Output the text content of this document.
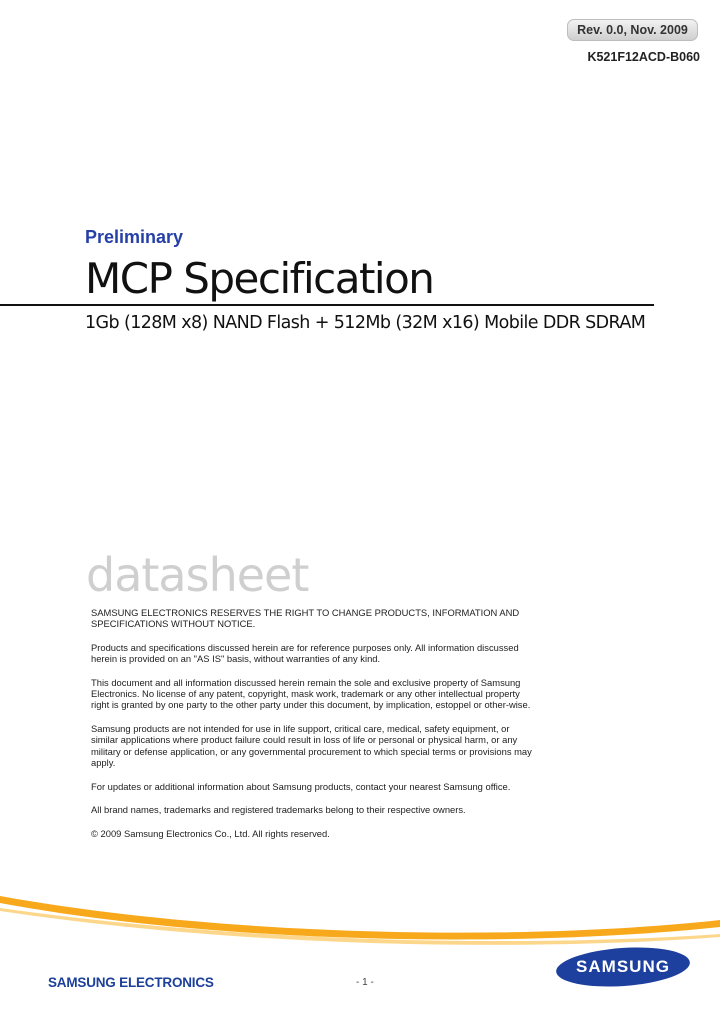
Rev. 0.0, Nov. 2009
K521F12ACD-B060
Preliminary
MCP Specification
1Gb (128M x8) NAND Flash + 512Mb (32M x16) Mobile DDR SDRAM
datasheet

SAMSUNG ELECTRONICS RESERVES THE RIGHT TO CHANGE PRODUCTS, INFORMATION AND SPECIFICATIONS WITHOUT NOTICE.

Products and specifications discussed herein are for reference purposes only. All information discussed herein is provided on an "AS IS" basis, without warranties of any kind.

This document and all information discussed herein remain the sole and exclusive property of Samsung Electronics. No license of any patent, copyright, mask work, trademark or any other intellectual property right is granted by one party to the other party under this document, by implication, estoppel or other-wise.

Samsung products are not intended for use in life support, critical care, medical, safety equipment, or similar applications where product failure could result in loss of life or personal or physical harm, or any military or defense application, or any governmental procurement to which special terms or provisions may apply.

For updates or additional information about Samsung products, contact your nearest Samsung office.

All brand names, trademarks and registered trademarks belong to their respective owners.

© 2009 Samsung Electronics Co., Ltd. All rights reserved.

SAMSUNG ELECTRONICS	- 1 -
SAMSUNG
